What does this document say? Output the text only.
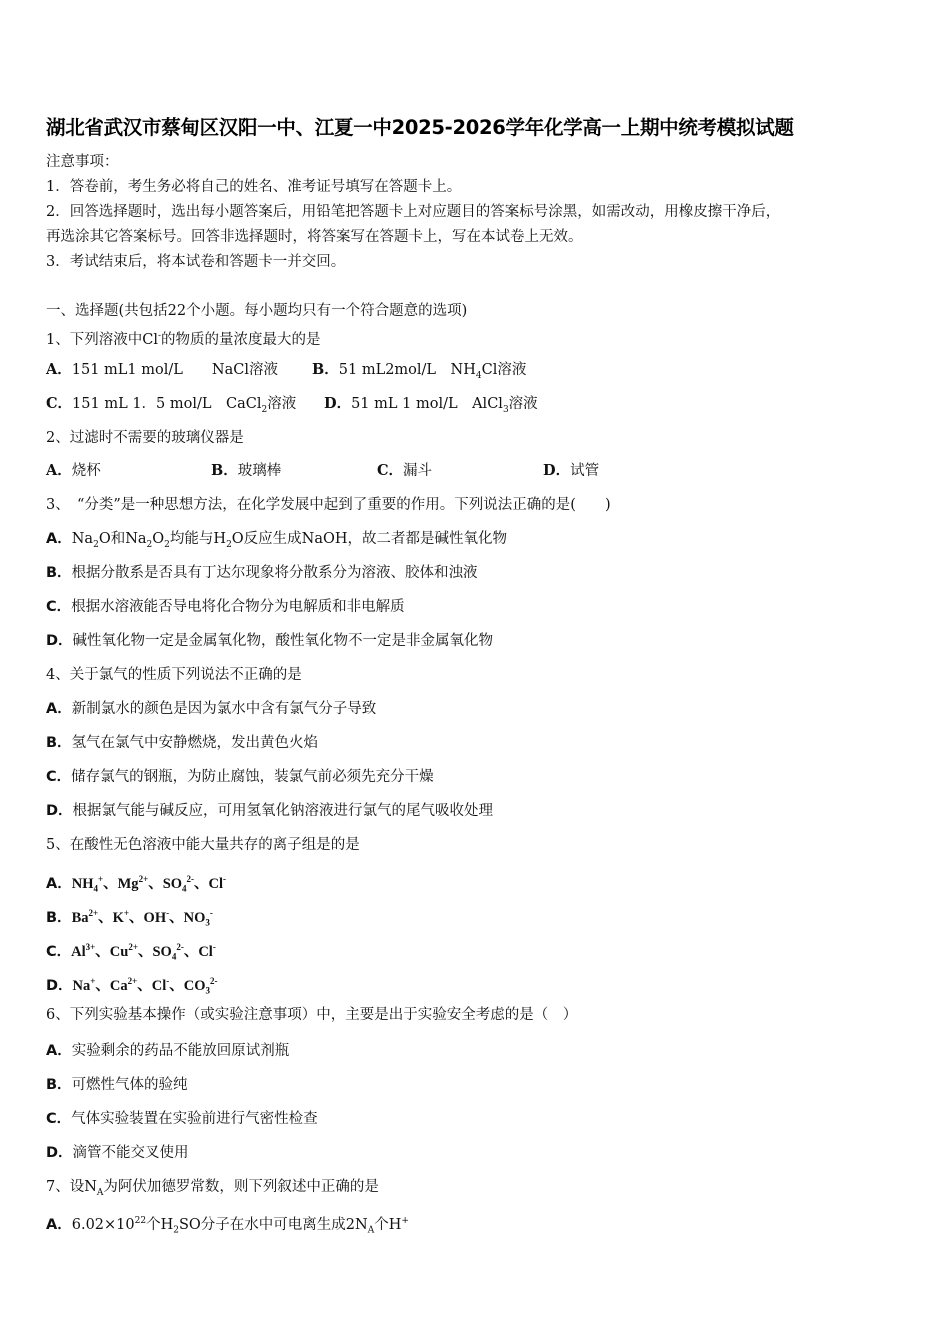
湖北省武汉市蔡甸区汉阳一中、江夏一中2025-2026学年化学高一上期中统考模拟试题
注意事项：
1．答卷前，考生务必将自己的姓名、准考证号填写在答题卡上。
2．回答选择题时，选出每小题答案后，用铅笔把答题卡上对应题目的答案标号涂黑，如需改动，用橡皮擦干净后，
再选涂其它答案标号。回答非选择题时，将答案写在答题卡上，写在本试卷上无效。
3．考试结束后，将本试卷和答题卡一并交回。
一、选择题(共包括22个小题。每小题均只有一个符合题意的选项)
1、下列溶液中Cl-的物质的量浓度最大的是
A．151 mL1 mol/L　　NaCl溶液 B．51 mL2mol/L　$NH_4Cl$溶液
C．151 mL 1．5 mol/L　CaCl$_2$溶液 D．51 mL 1 mol/L　AlCl$_3$溶液
2、过滤时不需要的玻璃仪器是
A．烧杯	B．玻璃棒	C．漏斗	D．试管
3、　“分类”是一种思想方法，在化学发展中起到了重要的作用。下列说法正确的是(　　)
A．$Na_2O$和$Na_2O_2$均能与$H_2O$反应生成NaOH，故二者都是碱性氧化物
B．根据分散系是否具有丁达尔现象将分散系分为溶液、胶体和浊液
C．根据水溶液能否导电将化合物分为电解质和非电解质
D．碱性氧化物一定是金属氧化物，酸性氧化物不一定是非金属氧化物
4、关于氯气的性质下列说法不正确的是
A．新制氯水的颜色是因为氯水中含有氯气分子导致
B．氢气在氯气中安静燃烧，发出黄色火焰
C．储存氯气的钢瓶，为防止腐蚀，装氯气前必须先充分干燥
D．根据氯气能与碱反应，可用氢氧化钠溶液进行氯气的尾气吸收处理
5、在酸性无色溶液中能大量共存的离子组是的是
A．$NH_4^+$、$Mg^{2+}$、$SO_4^{2-}$、Cl-
B．$Ba^{2+}$、K+、OH-、$NO_3^-$
C．$Al^{3+}$、$Cu^{2+}$、$SO_4^{2-}$、Cl-
D．Na+、$Ca^{2+}$、Cl-、$CO_3^{2-}$
6、下列实验基本操作（或实验注意事项）中，主要是出于实验安全考虑的是（　）
A．实验剩余的药品不能放回原试剂瓶
B．可燃性气体的验纯
C．气体实验装置在实验前进行气密性检查
D．滴管不能交叉使用
7、设$N_A$为阿伏加德罗常数，则下列叙述中正确的是
A．$6.02\times 10^{22}$个$H_2SO$分子在水中可电离生成$2N_A$个H+
